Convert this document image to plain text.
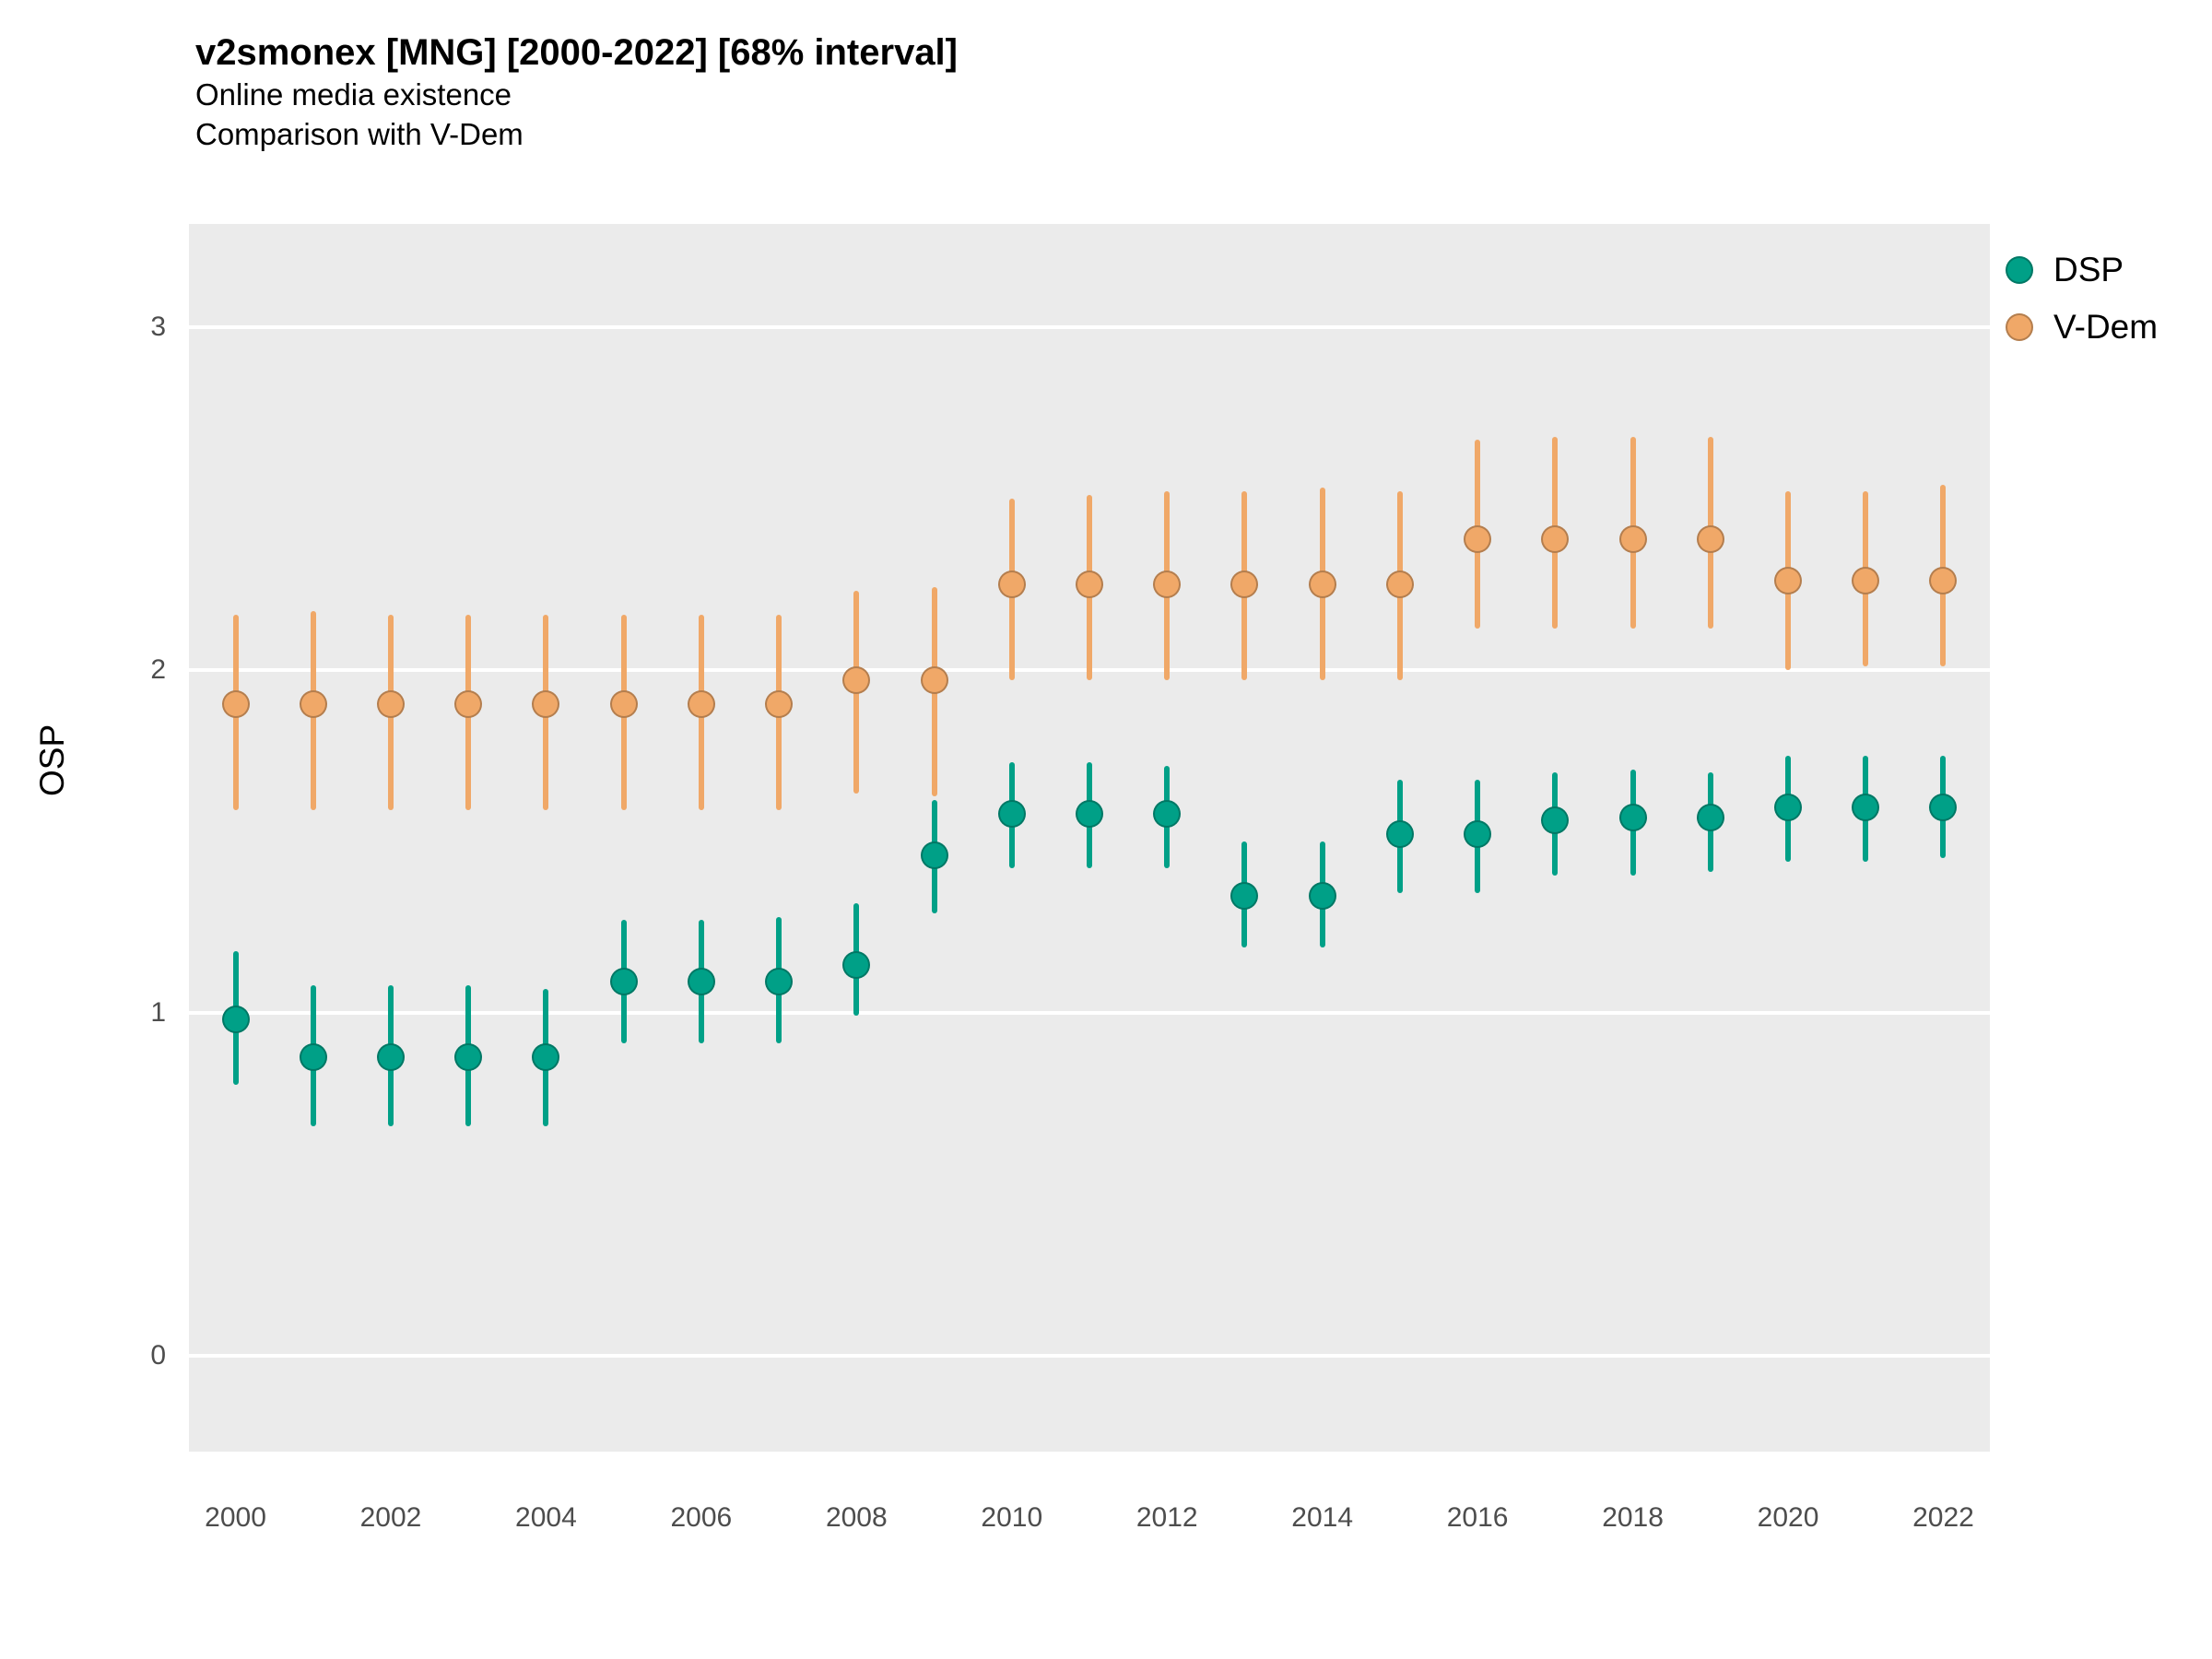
v2smonex [MNG] [2000-2022] [68% interval]
Online media existence
Comparison with V-Dem
OSP
0
1
2
3
2000	2002	2004	2006	2008	2010	2012	2014	2016	2018	2020	2022
DSP
V-Dem
